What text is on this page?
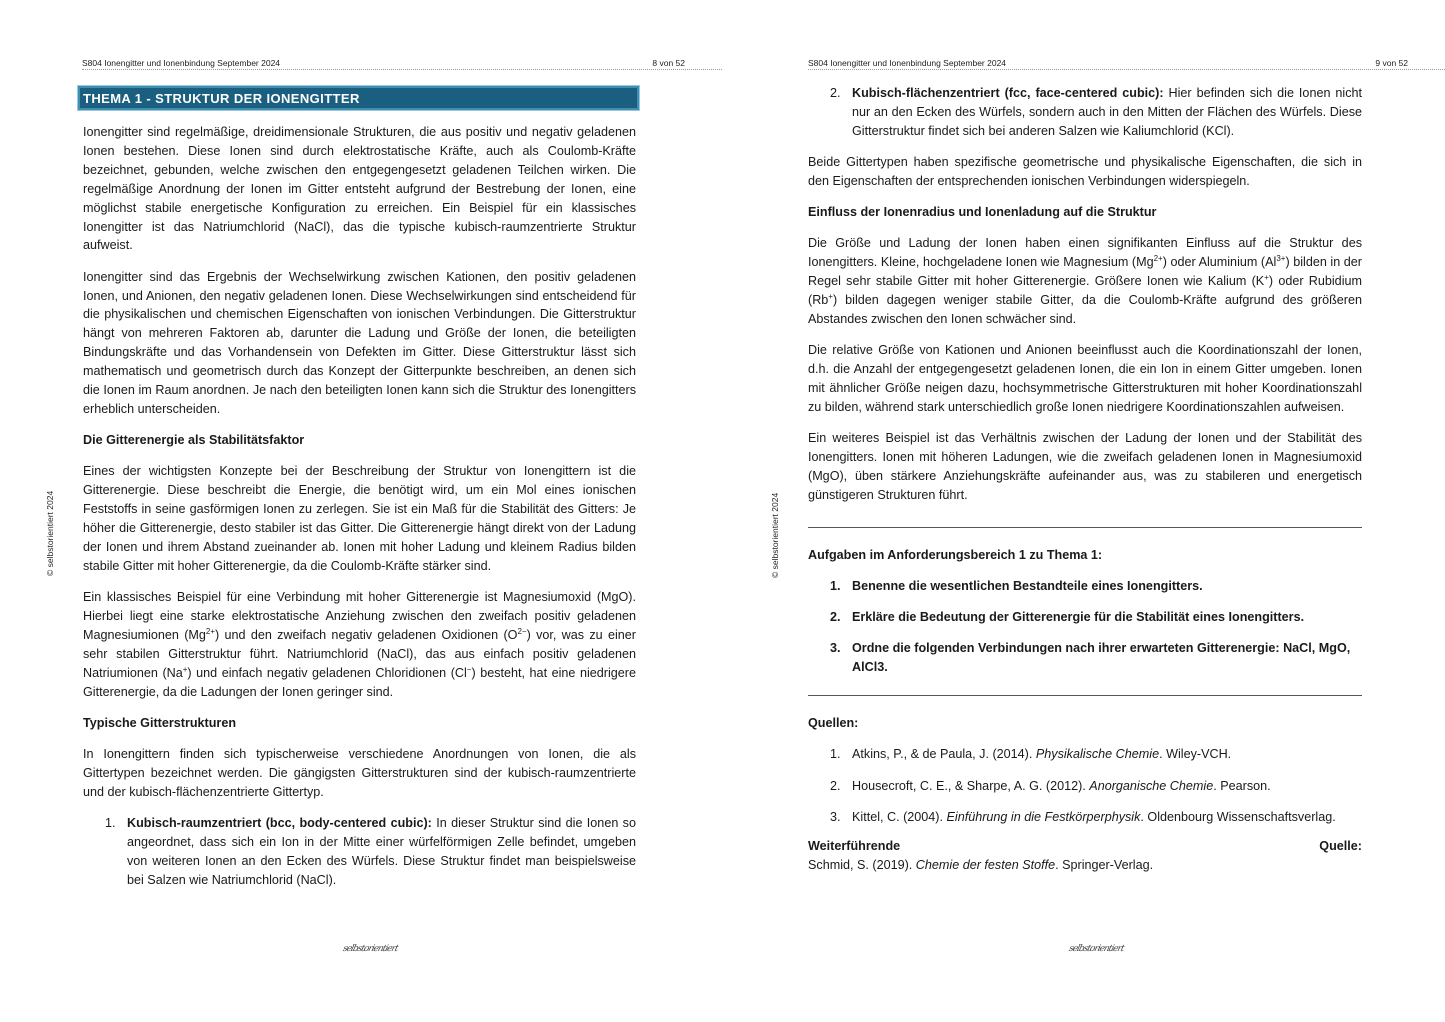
S804 Ionengitter und Ionenbindung September 2024	8 von 52
© selbstorientiert 2024
THEMA 1 - STRUKTUR DER IONENGITTER

Ionengitter sind regelmäßige, dreidimensionale Strukturen, die aus positiv und negativ geladenen Ionen bestehen. Diese Ionen sind durch elektrostatische Kräfte, auch als Coulomb-Kräfte bezeichnet, gebunden, welche zwischen den entgegengesetzt geladenen Teilchen wirken. Die regelmäßige Anordnung der Ionen im Gitter entsteht aufgrund der Bestrebung der Ionen, eine möglichst stabile energetische Konfiguration zu erreichen. Ein Beispiel für ein klassisches Ionengitter ist das Natriumchlorid (NaCl), das die typische kubisch-raumzentrierte Struktur aufweist.

Ionengitter sind das Ergebnis der Wechselwirkung zwischen Kationen, den positiv geladenen Ionen, und Anionen, den negativ geladenen Ionen. Diese Wechselwirkungen sind entscheidend für die physikalischen und chemischen Eigenschaften von ionischen Verbindungen. Die Gitterstruktur hängt von mehreren Faktoren ab, darunter die Ladung und Größe der Ionen, die beteiligten Bindungskräfte und das Vorhandensein von Defekten im Gitter. Diese Gitterstruktur lässt sich mathematisch und geometrisch durch das Konzept der Gitterpunkte beschreiben, an denen sich die Ionen im Raum anordnen. Je nach den beteiligten Ionen kann sich die Struktur des Ionengitters erheblich unterscheiden.

Die Gitterenergie als Stabilitätsfaktor

Eines der wichtigsten Konzepte bei der Beschreibung der Struktur von Ionengittern ist die Gitterenergie. Diese beschreibt die Energie, die benötigt wird, um ein Mol eines ionischen Feststoffs in seine gasförmigen Ionen zu zerlegen. Sie ist ein Maß für die Stabilität des Gitters: Je höher die Gitterenergie, desto stabiler ist das Gitter. Die Gitterenergie hängt direkt von der Ladung der Ionen und ihrem Abstand zueinander ab. Ionen mit hoher Ladung und kleinem Radius bilden stabile Gitter mit hoher Gitterenergie, da die Coulomb-Kräfte stärker sind.

Ein klassisches Beispiel für eine Verbindung mit hoher Gitterenergie ist Magnesiumoxid (MgO). Hierbei liegt eine starke elektrostatische Anziehung zwischen den zweifach positiv geladenen Magnesiumionen $(Mg^{2+})$ und den zweifach negativ geladenen Oxidionen $(O^{2-})$ vor, was zu einer sehr stabilen Gitterstruktur führt. Natriumchlorid (NaCl), das aus einfach positiv geladenen Natriumionen (Na+) und einfach negativ geladenen Chloridionen (Cl−) besteht, hat eine niedrigere Gitterenergie, da die Ladungen der Ionen geringer sind.

Typische Gitterstrukturen

In Ionengittern finden sich typischerweise verschiedene Anordnungen von Ionen, die als Gittertypen bezeichnet werden. Die gängigsten Gitterstrukturen sind der kubisch-raumzentrierte und der kubisch-flächenzentrierte Gittertyp.

1. Kubisch-raumzentriert (bcc, body-centered cubic): In dieser Struktur sind die Ionen so angeordnet, dass sich ein Ion in der Mitte einer würfelförmigen Zelle befindet, umgeben von weiteren Ionen an den Ecken des Würfels. Diese Struktur findet man beispielsweise bei Salzen wie Natriumchlorid (NaCl).
selbstorientiert
S804 Ionengitter und Ionenbindung September 2024	9 von 52
© selbstorientiert 2024
2. Kubisch-flächenzentriert (fcc, face-centered cubic): Hier befinden sich die Ionen nicht nur an den Ecken des Würfels, sondern auch in den Mitten der Flächen des Würfels. Diese Gitterstruktur findet sich bei anderen Salzen wie Kaliumchlorid (KCl).

Beide Gittertypen haben spezifische geometrische und physikalische Eigenschaften, die sich in den Eigenschaften der entsprechenden ionischen Verbindungen widerspiegeln.

Einfluss der Ionenradius und Ionenladung auf die Struktur

Die Größe und Ladung der Ionen haben einen signifikanten Einfluss auf die Struktur des Ionengitters. Kleine, hochgeladene Ionen wie Magnesium $(Mg^{2+})$ oder Aluminium $(Al^{3+})$ bilden in der Regel sehr stabile Gitter mit hoher Gitterenergie. Größere Ionen wie Kalium (K+) oder Rubidium (Rb+) bilden dagegen weniger stabile Gitter, da die Coulomb-Kräfte aufgrund des größeren Abstandes zwischen den Ionen schwächer sind.

Die relative Größe von Kationen und Anionen beeinflusst auch die Koordinationszahl der Ionen, d.h. die Anzahl der entgegengesetzt geladenen Ionen, die ein Ion in einem Gitter umgeben. Ionen mit ähnlicher Größe neigen dazu, hochsymmetrische Gitterstrukturen mit hoher Koordinationszahl zu bilden, während stark unterschiedlich große Ionen niedrigere Koordinationszahlen aufweisen.

Ein weiteres Beispiel ist das Verhältnis zwischen der Ladung der Ionen und der Stabilität des Ionengitters. Ionen mit höheren Ladungen, wie die zweifach geladenen Ionen in Magnesiumoxid (MgO), üben stärkere Anziehungskräfte aufeinander aus, was zu stabileren und energetisch günstigeren Strukturen führt.

Aufgaben im Anforderungsbereich 1 zu Thema 1:
1. Benenne die wesentlichen Bestandteile eines Ionengitters.
2. Erkläre die Bedeutung der Gitterenergie für die Stabilität eines Ionengitters.
3. Ordne die folgenden Verbindungen nach ihrer erwarteten Gitterenergie: NaCl, MgO, AlCl3.
Quellen:
1. Atkins, P., & de Paula, J. (2014). Physikalische Chemie. Wiley-VCH.
2. Housecroft, C. E., & Sharpe, A. G. (2012). Anorganische Chemie. Pearson.
3. Kittel, C. (2004). Einführung in die Festkörperphysik. Oldenbourg Wissenschaftsverlag.
Weiterführende	Quelle:
Schmid, S. (2019). Chemie der festen Stoffe. Springer-Verlag.
selbstorientiert
